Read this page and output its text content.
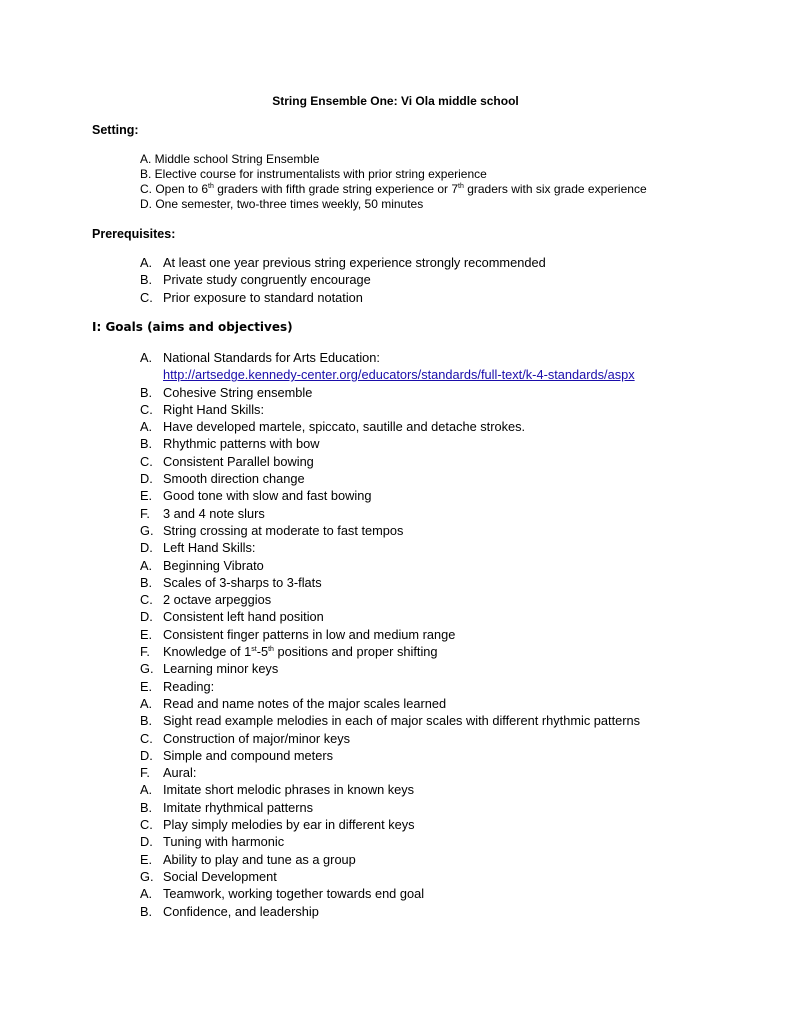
String Ensemble One: Vi Ola middle school
Setting:
A. Middle school String Ensemble
B. Elective course for instrumentalists with prior string experience
C. Open to 6th graders with fifth grade string experience or 7th graders with six grade experience
D. One semester, two-three times weekly, 50 minutes
Prerequisites:
A. At least one year previous string experience strongly recommended
B. Private study congruently encourage
C. Prior exposure to standard notation
I: Goals (aims and objectives)
A. National Standards for Arts Education:
http://artsedge.kennedy-center.org/educators/standards/full-text/k-4-standards/aspx
B. Cohesive String ensemble
C. Right Hand Skills:
A. Have developed martele, spiccato, sautille and detache strokes.
B. Rhythmic patterns with bow
C. Consistent Parallel bowing
D. Smooth direction change
E. Good tone with slow and fast bowing
F. 3 and 4 note slurs
G. String crossing at moderate to fast tempos
D. Left Hand Skills:
A. Beginning Vibrato
B. Scales of 3-sharps to 3-flats
C. 2 octave arpeggios
D. Consistent left hand position
E. Consistent finger patterns in low and medium range
F. Knowledge of 1st-5th positions and proper shifting
G. Learning minor keys
E. Reading:
A. Read and name notes of the major scales learned
B. Sight read example melodies in each of major scales with different rhythmic patterns
C. Construction of major/minor keys
D. Simple and compound meters
F. Aural:
A. Imitate short melodic phrases in known keys
B. Imitate rhythmical patterns
C. Play simply melodies by ear in different keys
D. Tuning with harmonic
E. Ability to play and tune as a group
G. Social Development
A. Teamwork, working together towards end goal
B. Confidence, and leadership
